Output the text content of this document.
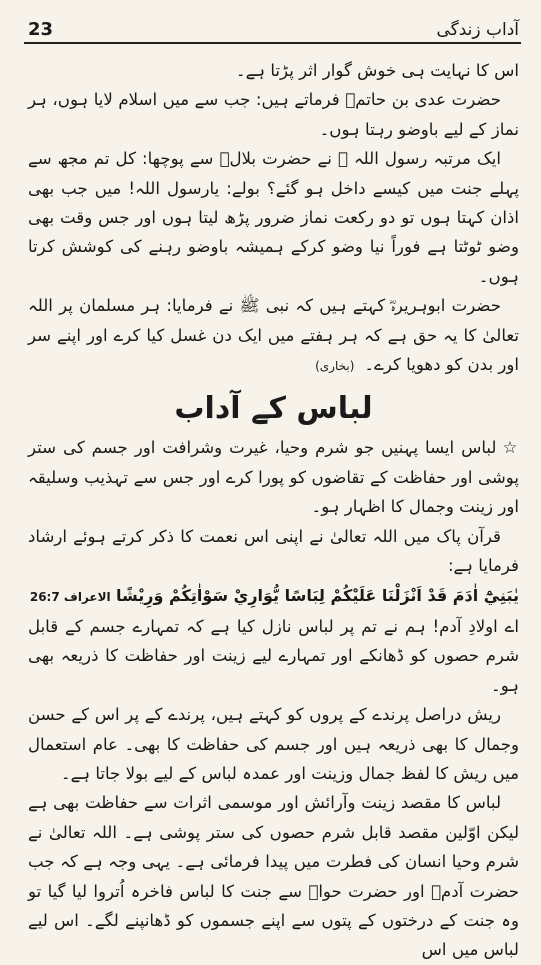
23	آداب زندگی

اس کا نہایت ہی خوش گوار اثر پڑتا ہے۔

حضرت عدی بن حاتمؓ فرماتے ہیں: جب سے میں اسلام لایا ہوں، ہر نماز کے لیے باوضو رہتا ہوں۔

ایک مرتبہ رسول اللہ ﷺ نے حضرت بلالؓ سے پوچھا: کل تم مجھ سے پہلے جنت میں کیسے داخل ہو گئے؟ بولے: یارسول اللہ! میں جب بھی اذان کہتا ہوں تو دو رکعت نماز ضرور پڑھ لیتا ہوں اور جس وقت بھی وضو ٹوٹتا ہے فوراً نیا وضو کرکے ہمیشہ باوضو رہنے کی کوشش کرتا ہوں۔

حضرت ابوہریرہؓ کہتے ہیں کہ نبی ﷺ نے فرمایا: ہر مسلمان پر اللہ تعالیٰ کا یہ حق ہے کہ ہر ہفتے میں ایک دن غسل کیا کرے اور اپنے سر اور بدن کو دھویا کرے۔(بخاری)

لباس کے آداب

☆لباس ایسا پہنیں جو شرم وحیا، غیرت وشرافت اور جسم کی ستر پوشی اور حفاظت کے تقاضوں کو پورا کرے اور جس سے تہذیب وسلیقہ اور زینت وجمال کا اظہار ہو۔

قرآن پاک میں اللہ تعالیٰ نے اپنی اس نعمت کا ذکر کرتے ہوئے ارشاد فرمایا ہے:

يٰبَنِيْٓ اٰدَمَ قَدْ اَنْزَلْنَا عَلَيْكُمْ لِبَاسًا يُّوَارِيْ سَوْاٰتِكُمْ وَرِيْشًا الاعراف 26:7

اے اولادِ آدم! ہم نے تم پر لباس نازل کیا ہے کہ تمہارے جسم کے قابل شرم حصوں کو ڈھانکے اور تمہارے لیے زینت اور حفاظت کا ذریعہ بھی ہو۔

ریش دراصل پرندے کے پروں کو کہتے ہیں، پرندے کے پر اس کے حسن وجمال کا بھی ذریعہ ہیں اور جسم کی حفاظت کا بھی۔ عام استعمال میں ریش کا لفظ جمال وزینت اور عمدہ لباس کے لیے بولا جاتا ہے۔

لباس کا مقصد زینت وآرائش اور موسمی اثرات سے حفاظت بھی ہے لیکن اوّلین مقصد قابل شرم حصوں کی ستر پوشی ہے۔ اللہ تعالیٰ نے شرم وحیا انسان کی فطرت میں پیدا فرمائی ہے۔ یہی وجہ ہے کہ جب حضرت آدمؑ اور حضرت حواؑ سے جنت کا لباس فاخرہ اُتروا لیا گیا تو وہ جنت کے درختوں کے پتوں سے اپنے جسموں کو ڈھانپنے لگے۔ اس لیے لباس میں اس
